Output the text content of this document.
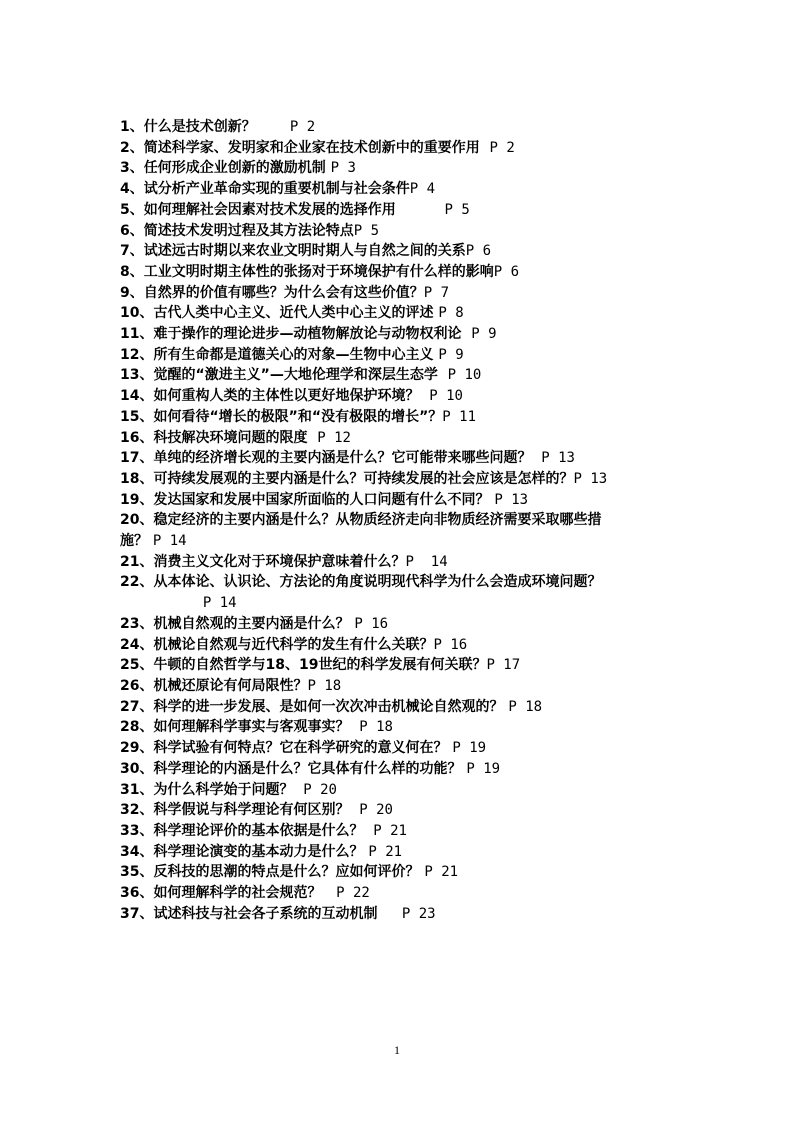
1、什么是技术创新？ P 2
2、简述科学家、发明家和企业家在技术创新中的重要作用 P 2
3、任何形成企业创新的激励机制 P 3
4、试分析产业革命实现的重要机制与社会条件P 4
5、如何理解社会因素对技术发展的选择作用	P 5
6、简述技术发明过程及其方法论特点P 5
7、试述远古时期以来农业文明时期人与自然之间的关系P 6
8、工业文明时期主体性的张扬对于环境保护有什么样的影响P 6
9、自然界的价值有哪些？为什么会有这些价值？P 7
10、古代人类中心主义、近代人类中心主义的评述 P 8
11、难于操作的理论进步—动植物解放论与动物权利论 P 9
12、所有生命都是道德关心的对象—生物中心主义 P 9
13、觉醒的“激进主义”—大地伦理学和深层生态学 P 10
14、如何重构人类的主体性以更好地保护环境？ P 10
15、如何看待“增长的极限”和“没有极限的增长”？P 11
16、科技解决环境问题的限度 P 12
17、单纯的经济增长观的主要内涵是什么？它可能带来哪些问题？ P 13
18、可持续发展观的主要内涵是什么？可持续发展的社会应该是怎样的？P 13
19、发达国家和发展中国家所面临的人口问题有什么不同？ P 13
20、稳定经济的主要内涵是什么？从物质经济走向非物质经济需要采取哪些措
施？ P 14
21、消费主义文化对于环境保护意味着什么？P  14
22、从本体论、认识论、方法论的角度说明现代科学为什么会造成环境问题？
P 14
23、机械自然观的主要内涵是什么？ P 16
24、机械论自然观与近代科学的发生有什么关联？P 16
25、牛顿的自然哲学与18、19世纪的科学发展有何关联？P 17
26、机械还原论有何局限性？P 18
27、科学的进一步发展、是如何一次次冲击机械论自然观的？ P 18
28、如何理解科学事实与客观事实？ P 18
29、科学试验有何特点？它在科学研究的意义何在？ P 19
30、科学理论的内涵是什么？它具体有什么样的功能？ P 19
31、为什么科学始于问题？ P 20
32、科学假说与科学理论有何区别？ P 20
33、科学理论评价的基本依据是什么？ P 21
34、科学理论演变的基本动力是什么？ P 21
35、反科技的思潮的特点是什么？应如何评价？ P 21
36、如何理解科学的社会规范？ P 22
37、试述科技与社会各子系统的互动机制 P 23
1
